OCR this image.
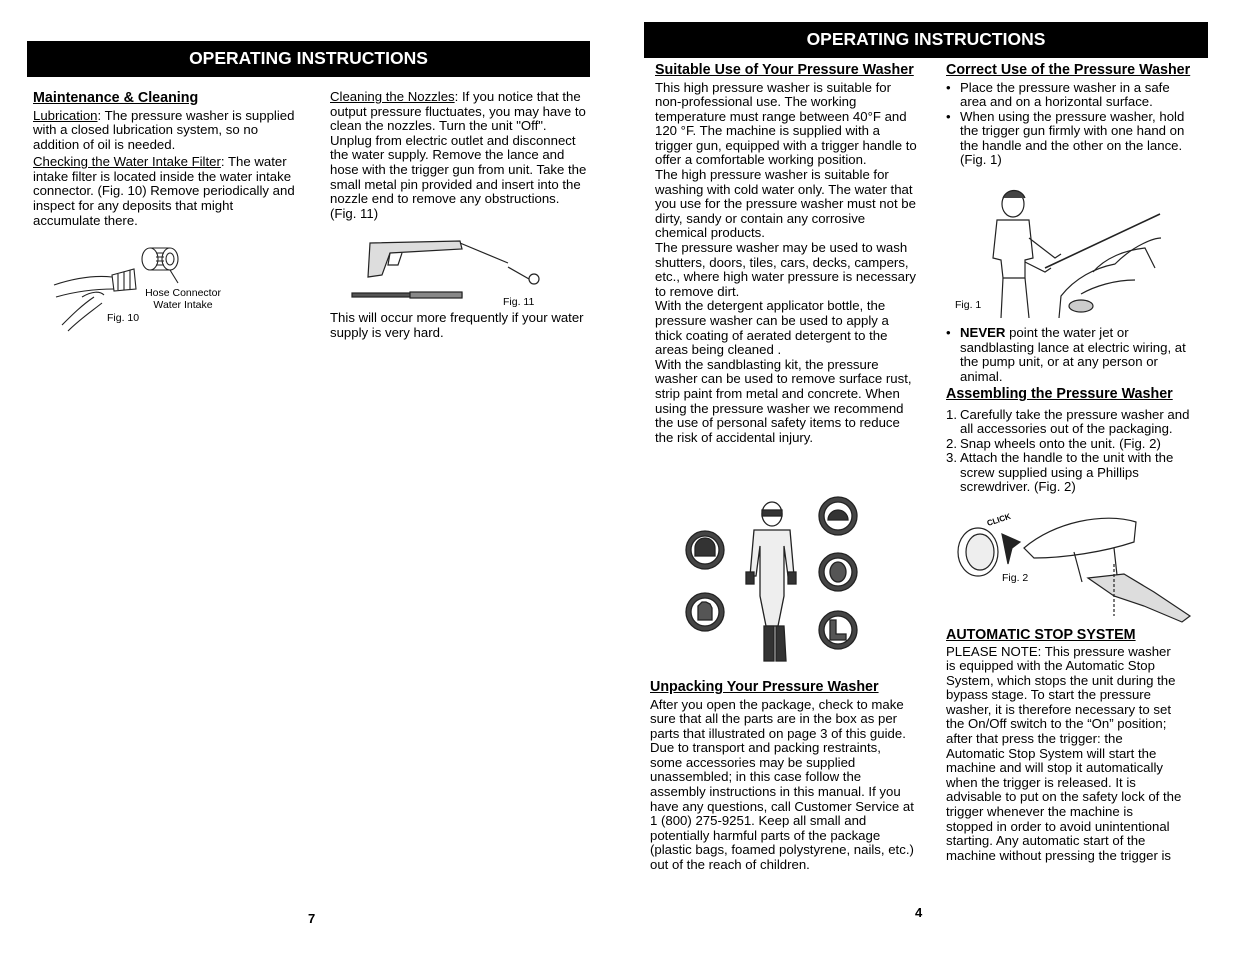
OPERATING INSTRUCTIONS
Maintenance & Cleaning
Lubrication: The pressure washer is supplied with a closed lubrication system, so no addition of oil is needed.
Checking the Water Intake Filter: The water intake filter is located inside the water intake connector. (Fig. 10) Remove periodically and inspect for any deposits that might accumulate there.
Hose Connector
Water Intake
Fig. 10
Cleaning the Nozzles: If you notice that the output pressure fluctuates, you may have to clean the nozzles. Turn the unit "Off". Unplug from electric outlet and disconnect the water supply. Remove the lance and hose with the trigger gun from unit. Take the small metal pin provided and insert into the nozzle end to remove any obstructions. (Fig. 11)
Fig. 11
This will occur more frequently if your water supply is very hard.
7
OPERATING INSTRUCTIONS
Suitable Use of Your Pressure Washer

This high pressure washer is suitable for non-professional use. The working temperature must range between 40°F and 120 °F. The machine is supplied with a trigger gun, equipped with a trigger handle to offer a comfortable working position.

The high pressure washer is suitable for washing with cold water only. The water that you use for the pressure washer must not be dirty, sandy or contain any corrosive chemical products.

The pressure washer may be used to wash shutters, doors, tiles, cars, decks, campers, etc., where high water pressure is necessary to remove dirt.

With the detergent applicator bottle, the pressure washer can be used to apply a thick coating of aerated detergent to the areas being cleaned .

With the sandblasting kit, the pressure washer can be used to remove surface rust, strip paint from metal and concrete. When using the pressure washer we recommend the use of personal safety items to reduce the risk of accidental injury.

Unpacking Your Pressure Washer
After you open the package, check to make sure that all the parts are in the box as per parts that illustrated on page 3 of this guide. Due to transport and packing restraints, some accessories may be supplied unassembled; in this case follow the assembly instructions in this manual. If you have any questions, call Customer Service at 1 (800) 275-9251. Keep all small and potentially harmful parts of the package (plastic bags, foamed polystyrene, nails, etc.) out of the reach of children.
Correct Use of the Pressure Washer
• Place the pressure washer in a safe area and on a horizontal surface.
• When using the pressure washer, hold the trigger gun firmly with one hand on the handle and the other on the lance. (Fig. 1)
Fig. 1
• NEVER point the water jet or sandblasting lance at electric wiring, at the pump unit, or at any person or animal.
Assembling the Pressure Washer
1. Carefully take the pressure washer and all accessories out of the packaging.
2. Snap wheels onto the unit. (Fig. 2)
3. Attach the handle to the unit with the screw supplied using a Phillips screwdriver. (Fig. 2)
CLICK
Fig. 2
AUTOMATIC STOP SYSTEM
PLEASE NOTE: This pressure washer is equipped with the Automatic Stop System, which stops the unit during the bypass stage. To start the pressure washer, it is therefore necessary to set the On/Off switch to the “On” position; after that press the trigger: the Automatic Stop System will start the machine and will stop it automatically when the trigger is released. It is advisable to put on the safety lock of the trigger whenever the machine is stopped in order to avoid unintentional starting. Any automatic start of the machine without pressing the trigger is
4
